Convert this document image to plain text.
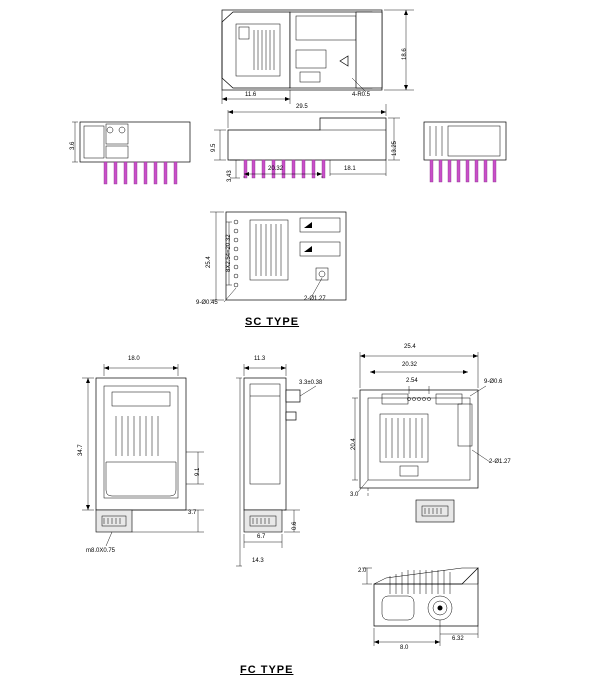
18.6
11.6	4-R0.5
3.6
29.5
9.5	13.25
20.32	18.1
3.43
25.4 8X2.54=20.32
9-Ø0.45
2-Ø1.27
SC TYPE
18.0
34.7
9.1
3.7
m8.0X0.75
11.3
3.3±0.38
0.6
6.7
14.3
25.4
20.32
2.54	9-Ø0.6
20.4
2-Ø1.27
3.0
2.0
8.0
6.32
FC TYPE
